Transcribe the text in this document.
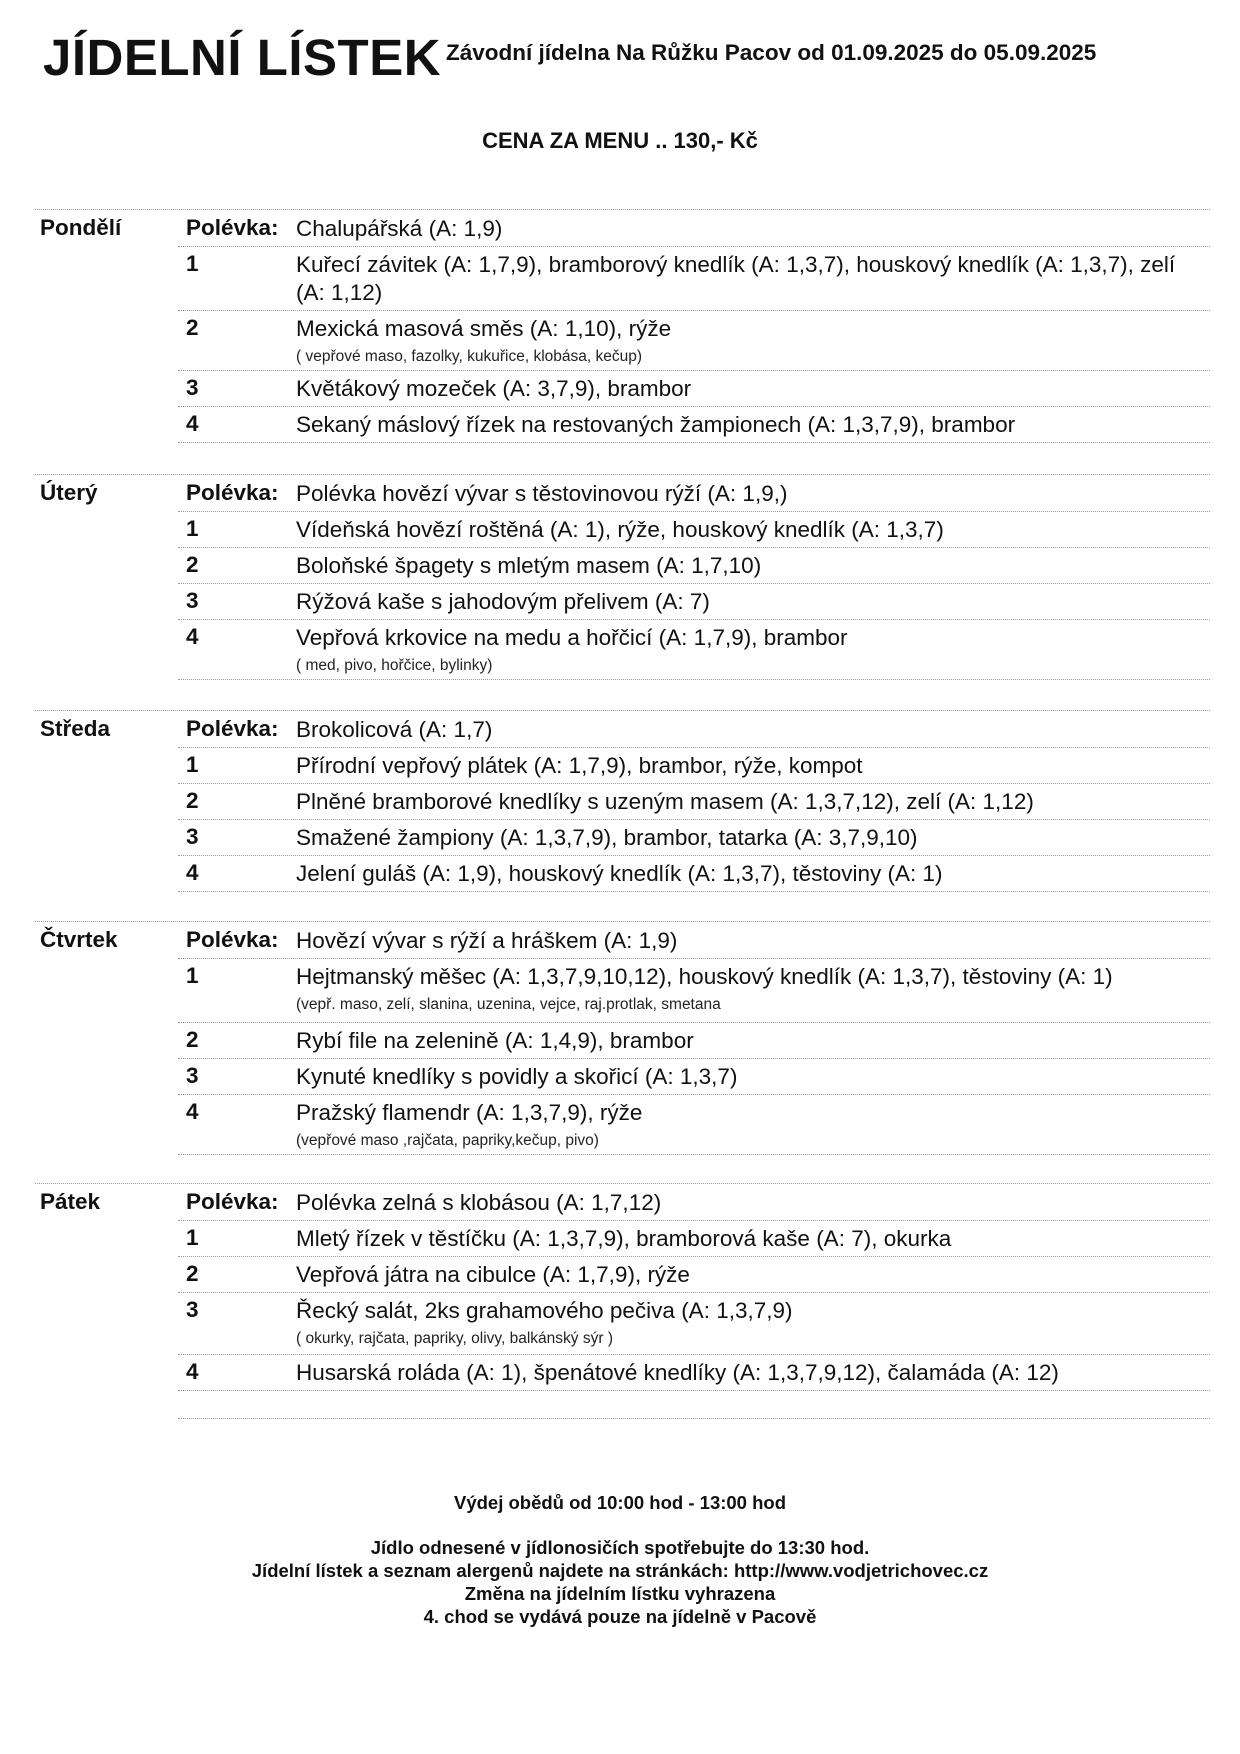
JÍDELNÍ LÍSTEK Závodní jídelna Na Růžku Pacov od 01.09.2025 do 05.09.2025
CENA ZA MENU .. 130,- Kč
Pondělí	Polévka: Chalupářská (A: 1,9)
1	Kuřecí závitek (A: 1,7,9), bramborový knedlík (A: 1,3,7), houskový knedlík (A: 1,3,7), zelí (A: 1,12)
2	Mexická masová směs (A: 1,10), rýže
( vepřové maso, fazolky, kukuřice, klobása, kečup)
3	Květákový mozeček (A: 3,7,9), brambor
4	Sekaný máslový řízek na restovaných žampionech (A: 1,3,7,9), brambor
Úterý	Polévka: Polévka hovězí vývar s těstovinovou rýží (A: 1,9,)
1	Vídeňská hovězí roštěná (A: 1), rýže, houskový knedlík (A: 1,3,7)
2	Boloňské špagety s mletým masem (A: 1,7,10)
3	Rýžová kaše s jahodovým přelivem (A: 7)
4	Vepřová krkovice na medu a hořčicí (A: 1,7,9), brambor
( med, pivo, hořčice, bylinky)
Středa	Polévka: Brokolicová (A: 1,7)
1	Přírodní vepřový plátek (A: 1,7,9), brambor, rýže, kompot
2	Plněné bramborové knedlíky s uzeným masem (A: 1,3,7,12), zelí (A: 1,12)
3	Smažené žampiony (A: 1,3,7,9), brambor, tatarka (A: 3,7,9,10)
4	Jelení guláš (A: 1,9), houskový knedlík (A: 1,3,7), těstoviny (A: 1)
Čtvrtek	Polévka: Hovězí vývar s rýží a hráškem (A: 1,9)
1	Hejtmanský měšec (A: 1,3,7,9,10,12), houskový knedlík (A: 1,3,7), těstoviny (A: 1)
(vepř. maso, zelí, slanina, uzenina, vejce, raj.protlak, smetana
2	Rybí file na zelenině (A: 1,4,9), brambor
3	Kynuté knedlíky s povidly a skořicí (A: 1,3,7)
4	Pražský flamendr (A: 1,3,7,9), rýže
(vepřové maso ,rajčata, papriky,kečup, pivo)
Pátek	Polévka: Polévka zelná s klobásou (A: 1,7,12)
1	Mletý řízek v těstíčku (A: 1,3,7,9), bramborová kaše (A: 7), okurka
2	Vepřová játra na cibulce (A: 1,7,9), rýže
3	Řecký salát, 2ks grahamového pečiva (A: 1,3,7,9)
( okurky, rajčata, papriky, olivy, balkánský sýr )
4	Husarská roláda (A: 1), špenátové knedlíky (A: 1,3,7,9,12), čalamáda (A: 12)
Výdej obědů od 10:00 hod - 13:00 hod
Jídlo odnesené v jídlonosičích spotřebujte do 13:30 hod.
Jídelní lístek a seznam alergenů najdete na stránkách: http://www.vodjetrichovec.cz
Změna na jídelním lístku vyhrazena
4. chod se vydává pouze na jídelně v Pacově
